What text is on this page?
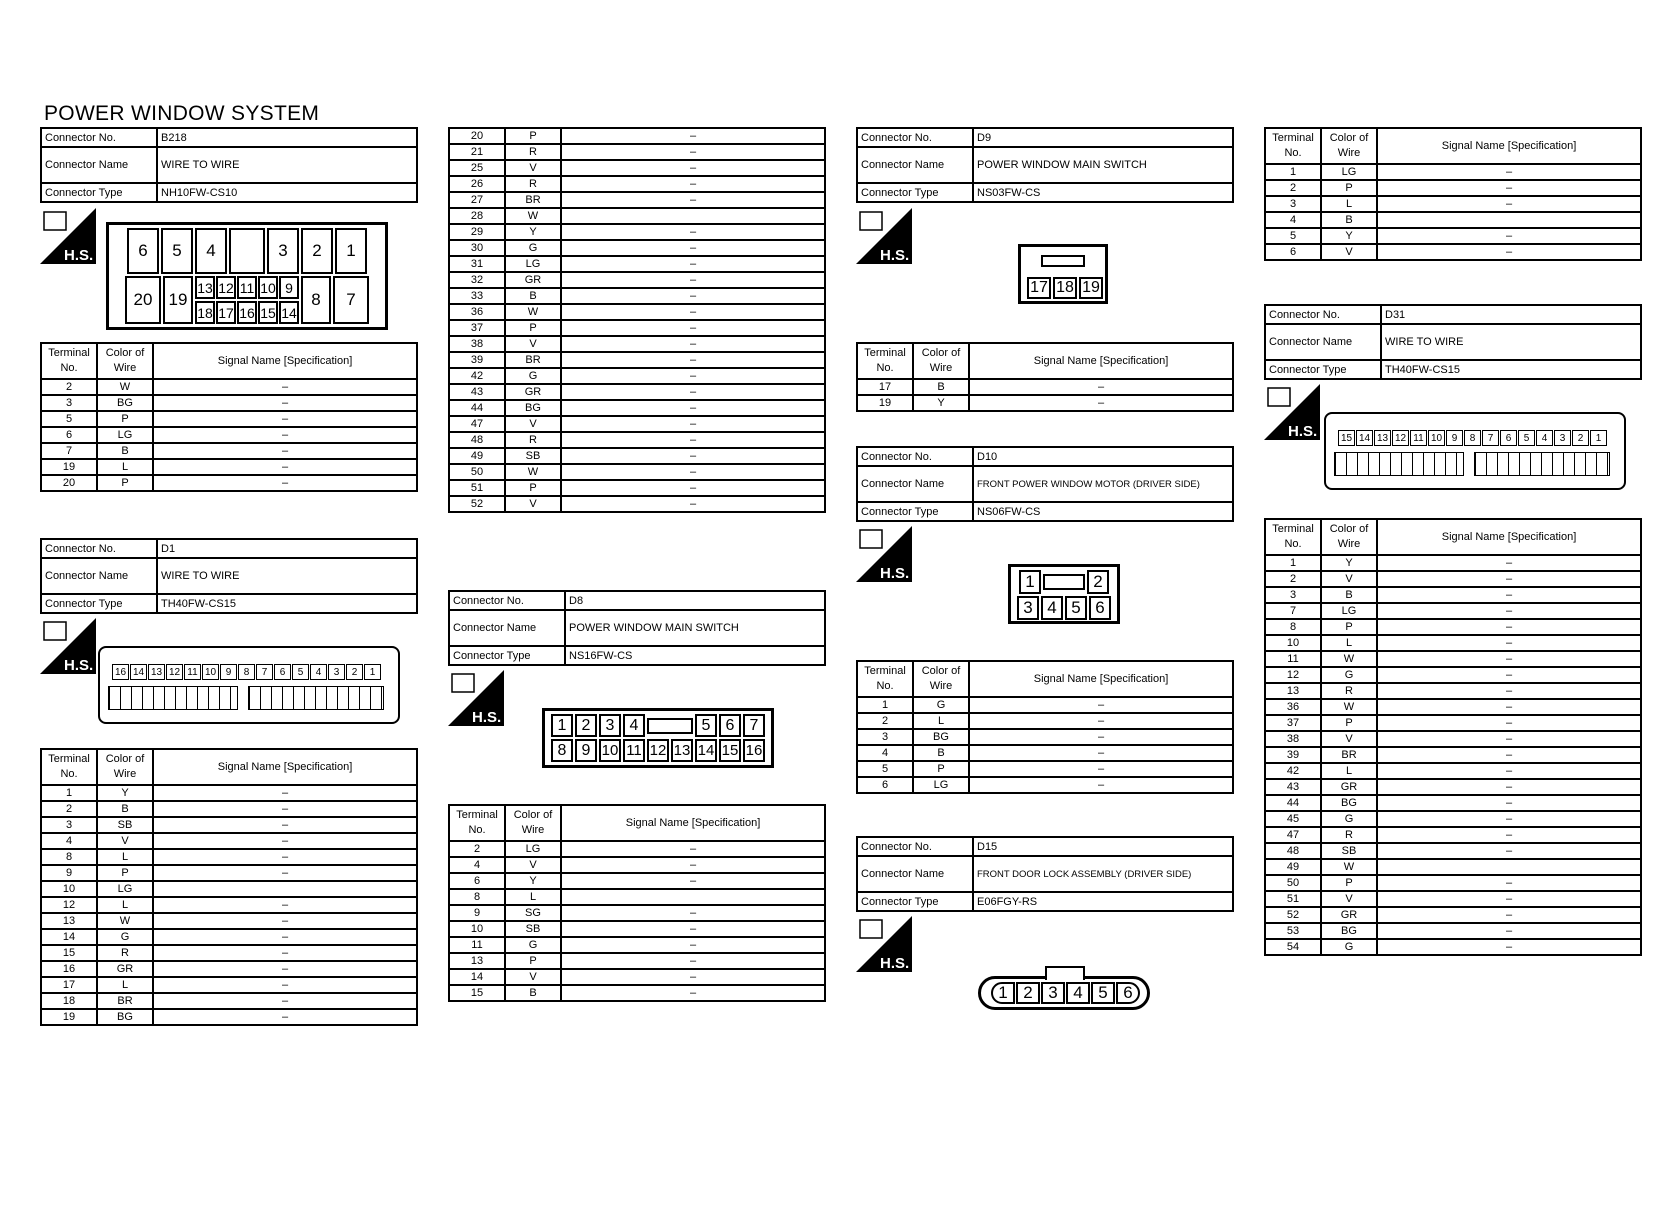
POWER WINDOW SYSTEM
Connector No.	B218
Connector Name	WIRE TO WIRE
Connector Type	NH10FW-CS10
H.S.	6	5	4	3	2	1
20 19
13 12 11 10 9
18 17 16 15 14
8	7
Terminal No.	Color of Wire	Signal Name [Specification]
2	W	–
3	BG	–
5	P	–
6	LG	–
7	B	–
19	L	–
20	P	–
Connector No.	D1
Connector Name	WIRE TO WIRE
Connector Type	TH40FW-CS15
H.S. 16 14 13 12 11 10 9	8	7	6	5	4	3	2	1
Terminal No.	Color of Wire	Signal Name [Specification]
1	Y	–
2	B	–
3	SB	–
4	V	–
8	L	–
9	P	–
10	LG	
12	L	–
13	W	–
14	G	–
15	R	–
16	GR	–
17	L	–
18	BR	–
19	BG	–
20	P	–
21	R	–
25	V	–
26	R	–
27	BR	–
28	W	
29	Y	–
30	G	–
31	LG	–
32	GR	–
33	B	–
36	W	–
37	P	–
38	V	–
39	BR	–
42	G	–
43	GR	–
44	BG	–
47	V	–
48	R	–
49	SB	–
50	W	–
51	P	–
52	V	–
Connector No.	D8
Connector Name	POWER WINDOW MAIN SWITCH
Connector Type	NS16FW-CS
H.S.	1 2 3 4	5 6 7
8 9 10 11 12 13 14 15 16
Terminal No.	Color of Wire	Signal Name [Specification]
2	LG	–
4	V	–
6	Y	–
8	L	
9	SG	–
10	SB	–
11	G	–
13	P	–
14	V	–
15	B	–
Connector No.	D9
Connector Name	POWER WINDOW MAIN SWITCH
Connector Type	NS03FW-CS
H.S.
17 18 19
Terminal No.	Color of Wire	Signal Name [Specification]
17	B	–
19	Y	–
Connector No.	D10
Connector Name	FRONT POWER WINDOW MOTOR (DRIVER SIDE)
Connector Type	NS06FW-CS
H.S.	1	2
3 4 5 6
Terminal No.	Color of Wire	Signal Name [Specification]
1	G	–
2	L	–
3	BG	–
4	B	–
5	P	–
6	LG	–
Connector No.	D15
Connector Name	FRONT DOOR LOCK ASSEMBLY (DRIVER SIDE)
Connector Type	E06FGY-RS
H.S.
1 2 3 4 5 6
Terminal No.	Color of Wire	Signal Name [Specification]
1	LG	–
2	P	–
3	L	–
4	B	
5	Y	–
6	V	–
Connector No.	D31
Connector Name	WIRE TO WIRE
Connector Type	TH40FW-CS15
H.S. 15 14 13 12 11 10 9	8	7	6	5	4	3	2	1
Terminal No.	Color of Wire	Signal Name [Specification]
1	Y	–
2	V	–
3	B	–
7	LG	–
8	P	–
10	L	–
11	W	–
12	G	–
13	R	–
36	W	–
37	P	–
38	V	–
39	BR	–
42	L	–
43	GR	–
44	BG	–
45	G	–
47	R	–
48	SB	–
49	W	
50	P	–
51	V	–
52	GR	–
53	BG	–
54	G	–
